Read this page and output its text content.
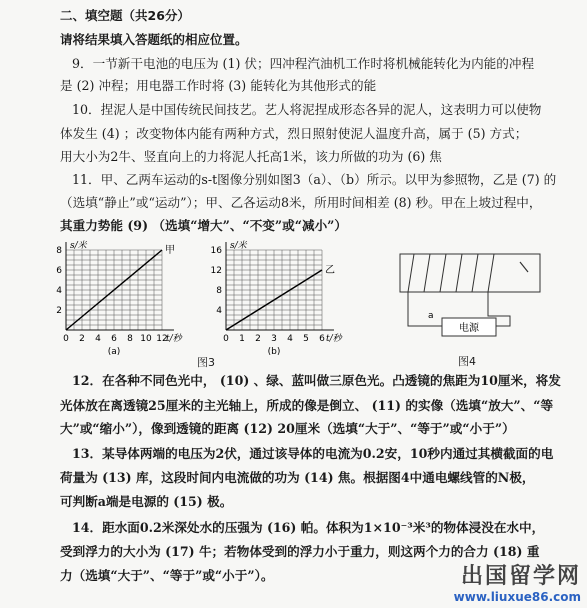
二、填空题（共26分）
请将结果填入答题纸的相应位置。
9．一节新干电池的电压为 (1) 伏；四冲程汽油机工作时将机械能转化为内能的冲程
是 (2) 冲程；用电器工作时将 (3) 能转化为其他形式的能
10．捏泥人是中国传统民间技艺。艺人将泥捏成形态各异的泥人，这表明力可以使物
体发生 (4) ；改变物体内能有两种方式，烈日照射使泥人温度升高，属于 (5) 方式；
用大小为2牛、竖直向上的力将泥人托高1米，该力所做的功为 (6) 焦
11．甲、乙两车运动的s-t图像分别如图3（a）、（b）所示。以甲为参照物，乙是 (7) 的
（选填“静止”或“运动”）；甲、乙各运动8米，所用时间相差 (8) 秒。甲在上坡过程中，
其重力势能 (9) （选填“增大”、“不变”或“减小”）
0 2 4 6 8 10 12
2
4
6
8 s/米
t/秒
(a)
甲
0 1 2 3 4 5 6
4
8
12
16 s/米
t/秒
(b)
乙
图3
电源
a
图4
12．在各种不同色光中， (10) 、绿、蓝叫做三原色光。凸透镜的焦距为10厘米，将发
光体放在离透镜25厘米的主光轴上，所成的像是倒立、 (11) 的实像（选填“放大”、“等
大”或“缩小”），像到透镜的距离 (12) 20厘米（选填“大于”、“等于”或“小于”）
13．某导体两端的电压为2伏，通过该导体的电流为0.2安，10秒内通过其横截面的电
荷量为 (13) 库，这段时间内电流做的功为 (14) 焦。根据图4中通电螺线管的N极，
可判断a端是电源的 (15) 极。
14．距水面0.2米深处水的压强为 (16) 帕。体积为1×10⁻³米³的物体浸没在水中，
受到浮力的大小为 (17) 牛；若物体受到的浮力小于重力，则这两个力的合力 (18) 重
力（选填“大于”、“等于”或“小于”）。	出国留学网
www.liuxue86.com
